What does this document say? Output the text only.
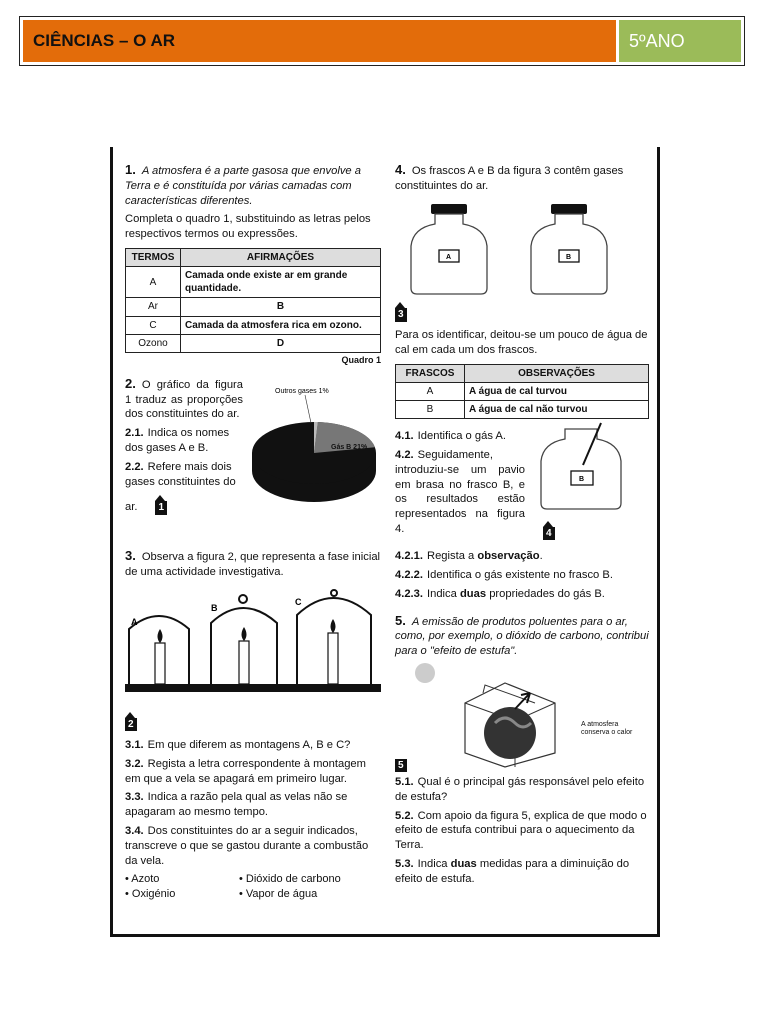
CIÊNCIAS – O AR	5ºANO

1. A atmosfera é a parte gasosa que envolve a Terra e é constituída por várias camadas com características diferentes.

Completa o quadro 1, substituindo as letras pelos respectivos termos ou expressões.

TERMOS	AFIRMAÇÕES
A	Camada onde existe ar em grande quantidade.
Ar	B
C	Camada da atmosfera rica em ozono.
Ozono	D
Quadro 1

2. O gráfico da figura 1 traduz as proporções dos constituintes do ar.

2.1. Indica os nomes dos gases A e B.

2.2. Refere mais dois gases constituintes do ar. 1

Outros gases 1%
Gás B 21%

3. Observa a figura 2, que representa a fase inicial de uma actividade investigativa.

A
B
C
2

3.1. Em que diferem as montagens A, B e C?

3.2. Regista a letra correspondente à montagem em que a vela se apagará em primeiro lugar.

3.3. Indica a razão pela qual as velas não se apagaram ao mesmo tempo.

3.4. Dos constituintes do ar a seguir indicados, transcreve o que se gastou durante a combustão da vela.

• Azoto	• Dióxido de carbono
• Oxigénio	• Vapor de água

4. Os frascos A e B da figura 3 contêm gases constituintes do ar.

A	B
3

Para os identificar, deitou-se um pouco de água de cal em cada um dos frascos.

FRASCOS	OBSERVAÇÕES
A	A água de cal turvou
B	A água de cal não turvou

4.1. Identifica o gás A.

4.2. Seguidamente, introduziu-se um pavio em brasa no frasco B, e os resultados estão representados na figura 4.

B
4

4.2.1. Regista a observação.

4.2.2. Identifica o gás existente no frasco B.

4.2.3. Indica duas propriedades do gás B.

5. A emissão de produtos poluentes para o ar, como, por exemplo, o dióxido de carbono, contribui para o "efeito de estufa".

A atmosfera conserva o calor
5

5.1. Qual é o principal gás responsável pelo efeito de estufa?

5.2. Com apoio da figura 5, explica de que modo o efeito de estufa contribui para o aquecimento da Terra.

5.3. Indica duas medidas para a diminuição do efeito de estufa.
